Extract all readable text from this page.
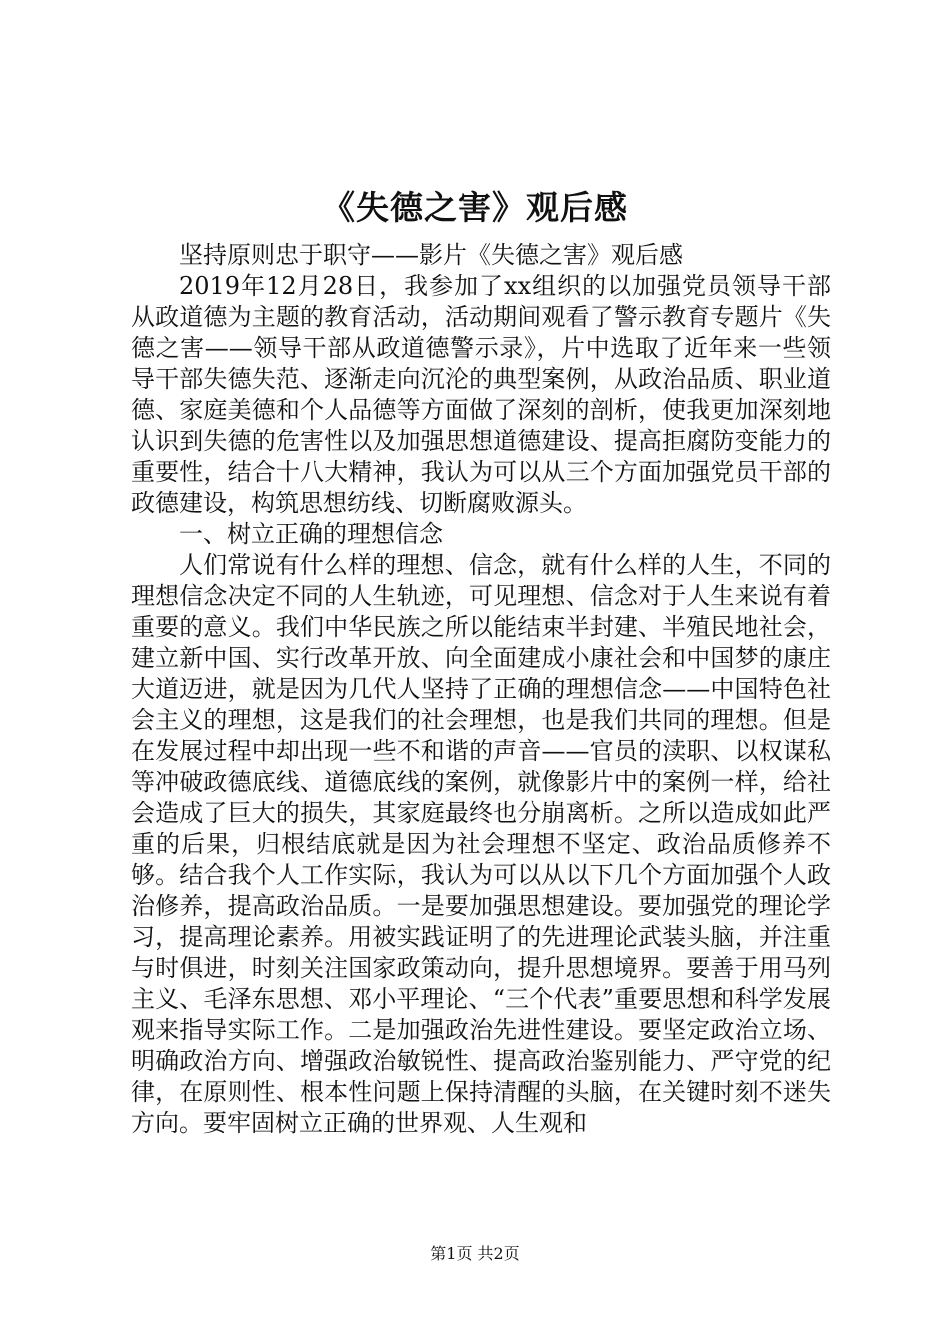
《失德之害》观后感

坚持原则忠于职守——影片《失德之害》观后感

2019年12月28日，我参加了xx组织的以加强党员领导干部从政道德为主题的教育活动，活动期间观看了警示教育专题片《失德之害——领导干部从政道德警示录》，片中选取了近年来一些领导干部失德失范、逐渐走向沉沦的典型案例，从政治品质、职业道德、家庭美德和个人品德等方面做了深刻的剖析，使我更加深刻地认识到失德的危害性以及加强思想道德建设、提高拒腐防变能力的重要性，结合十八大精神，我认为可以从三个方面加强党员干部的政德建设，构筑思想纺线、切断腐败源头。

一、树立正确的理想信念

人们常说有什么样的理想、信念，就有什么样的人生，不同的理想信念决定不同的人生轨迹，可见理想、信念对于人生来说有着重要的意义。我们中华民族之所以能结束半封建、半殖民地社会，建立新中国、实行改革开放、向全面建成小康社会和中国梦的康庄大道迈进，就是因为几代人坚持了正确的理想信念——中国特色社会主义的理想，这是我们的社会理想，也是我们共同的理想。但是在发展过程中却出现一些不和谐的声音——官员的渎职、以权谋私等冲破政德底线、道德底线的案例，就像影片中的案例一样，给社会造成了巨大的损失，其家庭最终也分崩离析。之所以造成如此严重的后果，归根结底就是因为社会理想不坚定、政治品质修养不够。结合我个人工作实际，我认为可以从以下几个方面加强个人政治修养，提高政治品质。一是要加强思想建设。要加强党的理论学习，提高理论素养。用被实践证明了的先进理论武装头脑，并注重与时俱进，时刻关注国家政策动向，提升思想境界。要善于用马列主义、毛泽东思想、邓小平理论、“三个代表”重要思想和科学发展观来指导实际工作。二是加强政治先进性建设。要坚定政治立场、明确政治方向、增强政治敏锐性、提高政治鉴别能力、严守党的纪律，在原则性、根本性问题上保持清醒的头脑，在关键时刻不迷失方向。要牢固树立正确的世界观、人生观和

第1页 共2页
